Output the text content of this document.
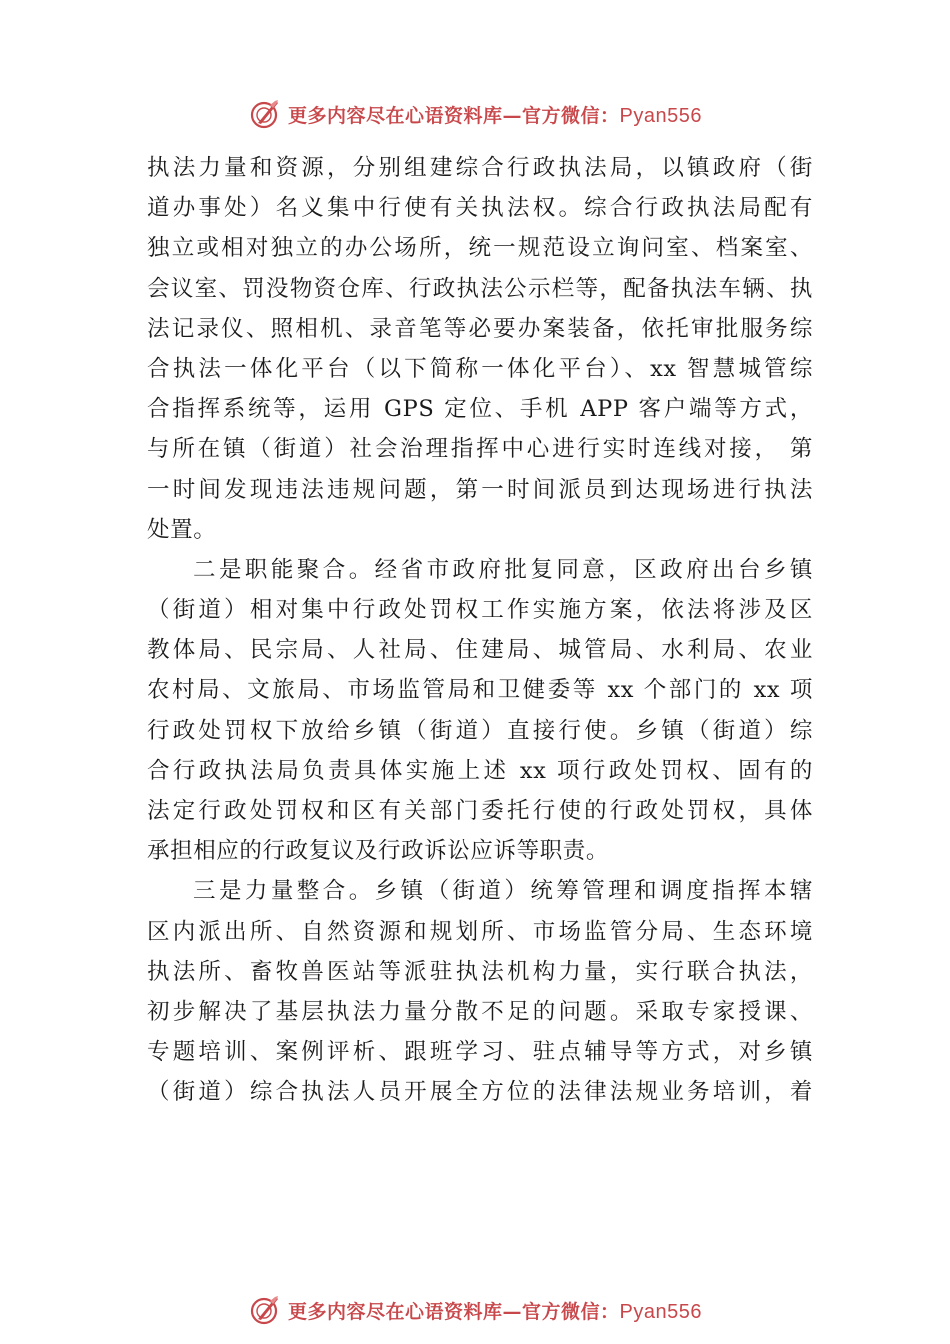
更多内容尽在心语资料库—官方微信：Pyan556
执法力量和资源，分别组建综合行政执法局，以镇政府（街
道办事处）名义集中行使有关执法权。综合行政执法局配有
独立或相对独立的办公场所，统一规范设立询问室、档案室、
会议室、罚没物资仓库、行政执法公示栏等，配备执法车辆、执
法记录仪、照相机、录音笔等必要办案装备，依托审批服务综
合执法一体化平台（以下简称一体化平台）、xx 智慧城管综
合指挥系统等，运用 GPS 定位、手机 APP 客户端等方式，
与所在镇（街道）社会治理指挥中心进行实时连线对接， 第
一时间发现违法违规问题，第一时间派员到达现场进行执法
处置。
二是职能聚合。经省市政府批复同意，区政府出台乡镇
（街道）相对集中行政处罚权工作实施方案，依法将涉及区
教体局、民宗局、人社局、住建局、城管局、水利局、农业
农村局、文旅局、市场监管局和卫健委等 xx 个部门的 xx 项
行政处罚权下放给乡镇（街道）直接行使。乡镇（街道）综
合行政执法局负责具体实施上述 xx 项行政处罚权、固有的
法定行政处罚权和区有关部门委托行使的行政处罚权，具体
承担相应的行政复议及行政诉讼应诉等职责。
三是力量整合。乡镇（街道）统筹管理和调度指挥本辖
区内派出所、自然资源和规划所、市场监管分局、生态环境
执法所、畜牧兽医站等派驻执法机构力量，实行联合执法，
初步解决了基层执法力量分散不足的问题。采取专家授课、
专题培训、案例评析、跟班学习、驻点辅导等方式，对乡镇
（街道）综合执法人员开展全方位的法律法规业务培训，着
更多内容尽在心语资料库—官方微信：Pyan556
